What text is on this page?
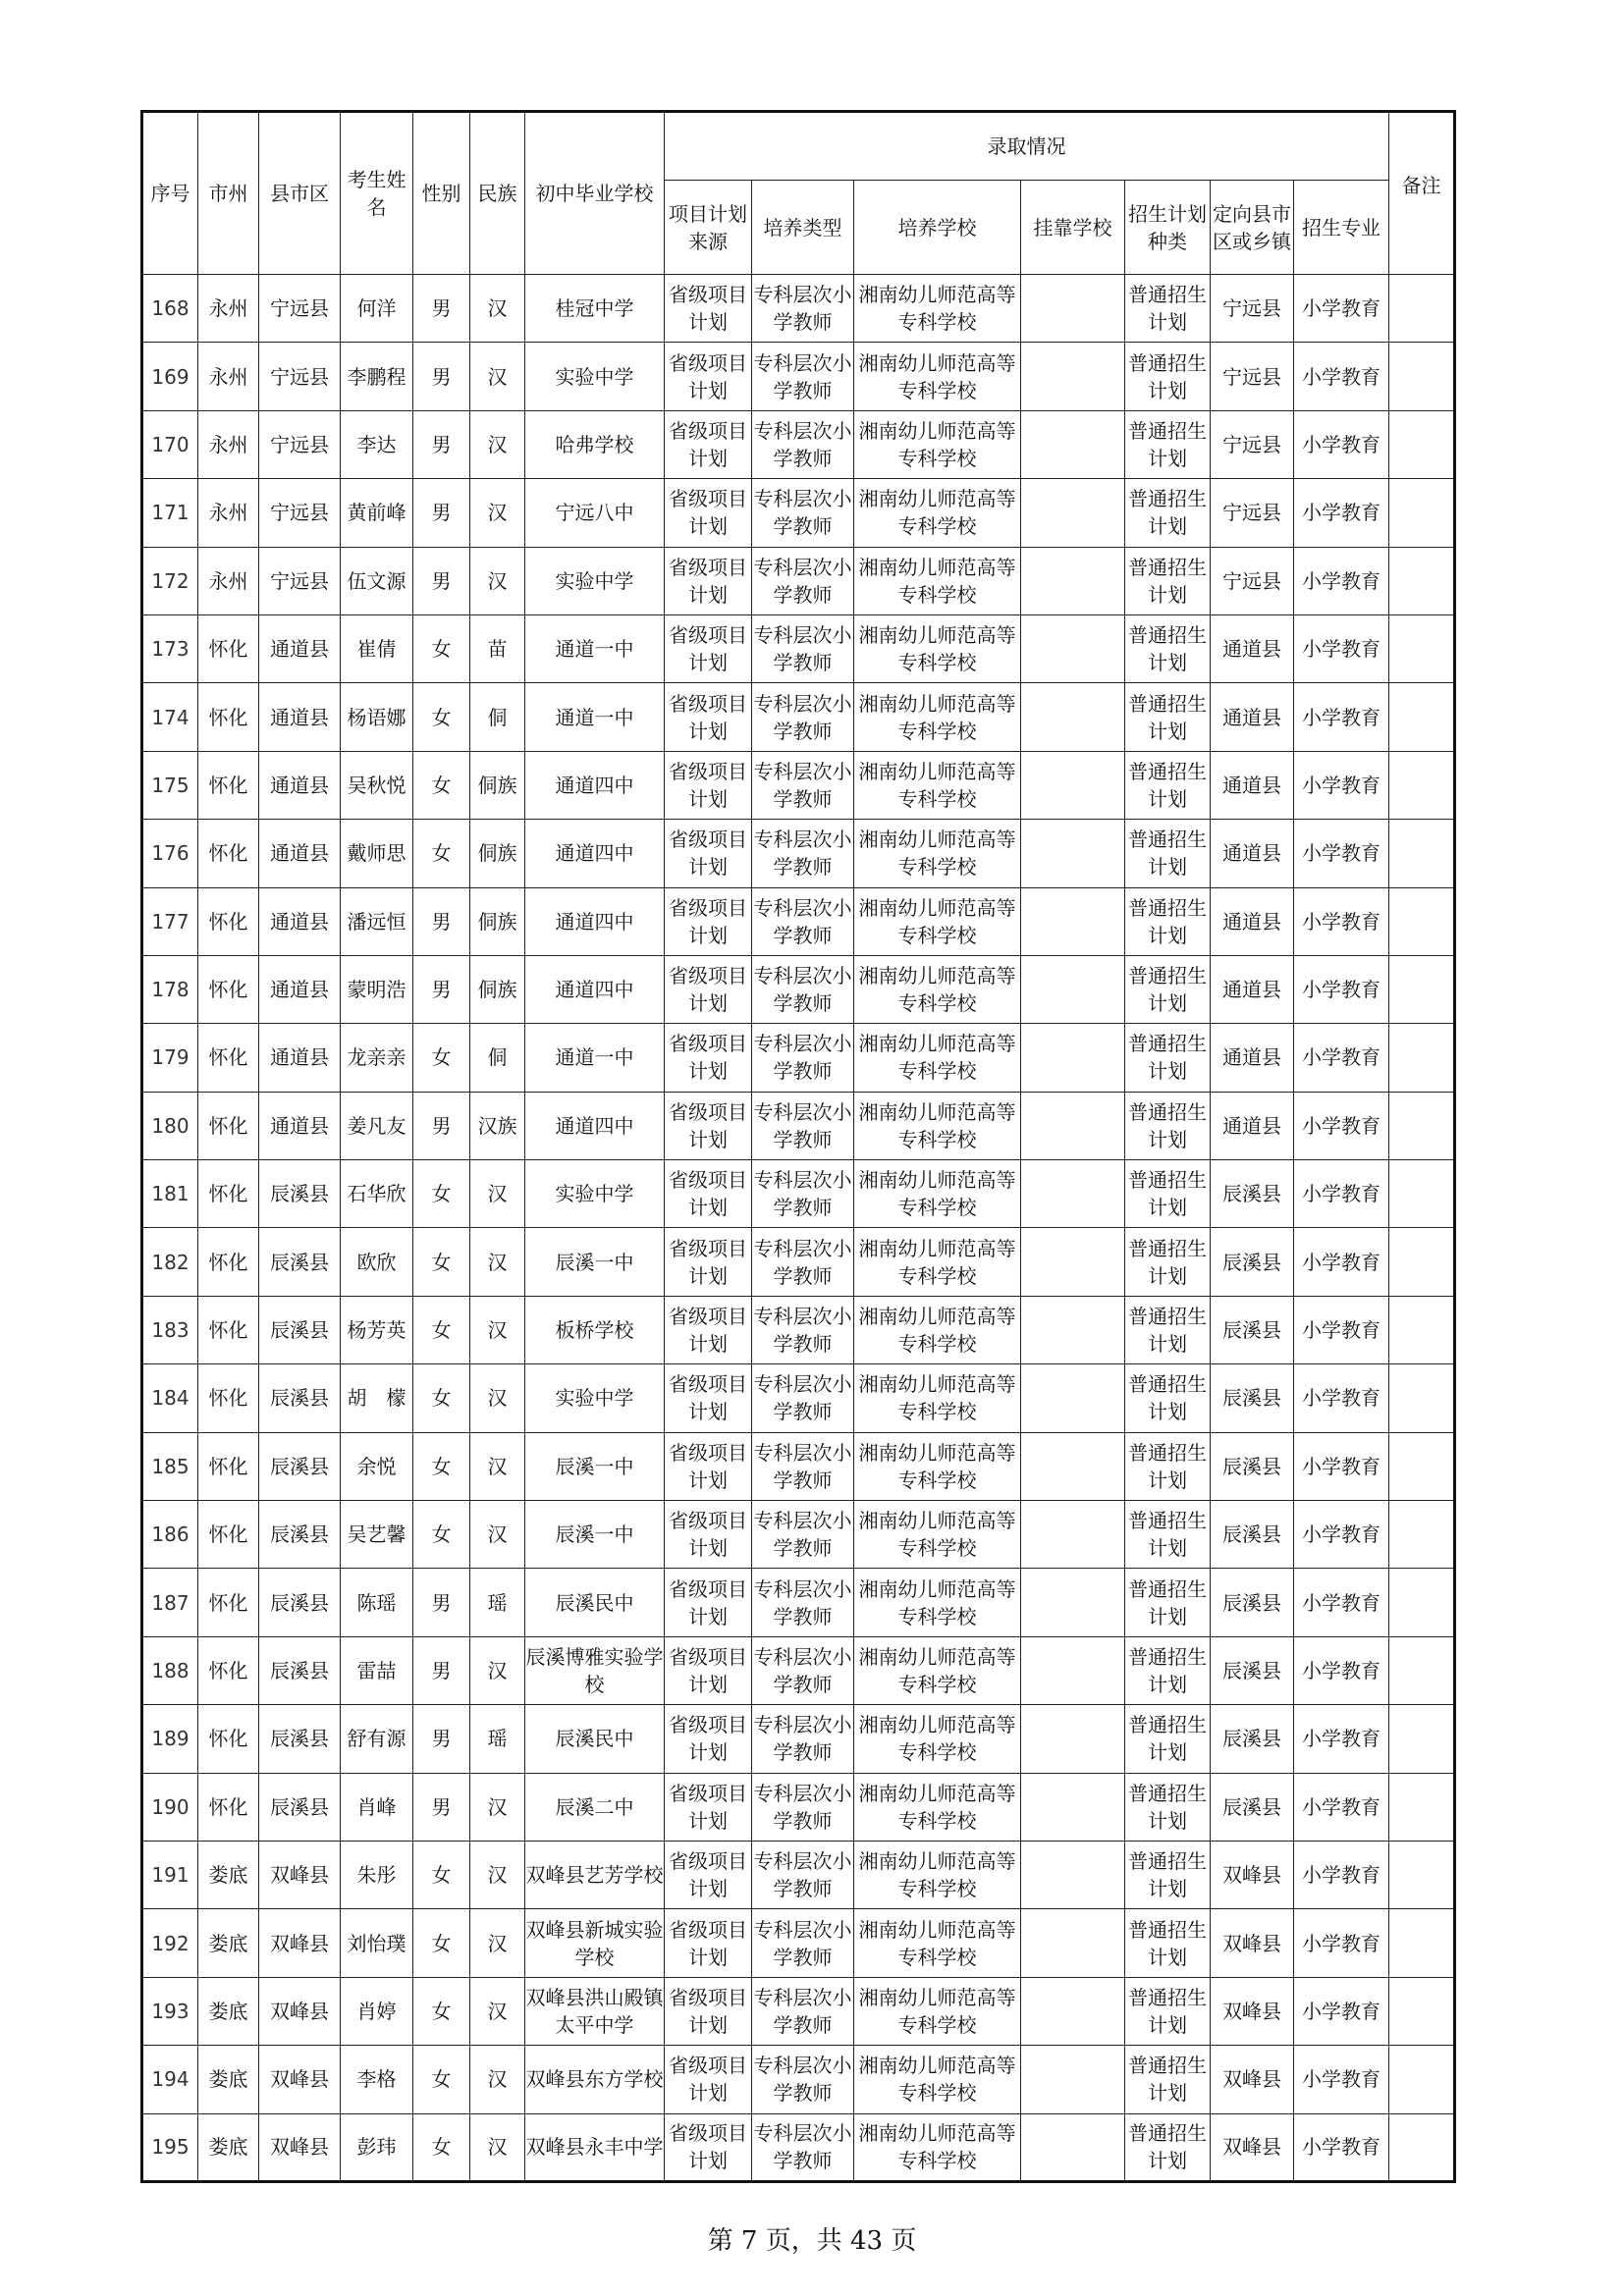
序号	市州	县市区	考生姓名	性别	民族	初中毕业学校	录取情况							备注
							项目计划来源	培养类型	培养学校	挂靠学校	招生计划种类	定向县市区或乡镇	招生专业	
168	永州	宁远县	何洋	男	汉	桂冠中学	省级项目计划	专科层次小学教师	湘南幼儿师范高等专科学校		普通招生计划	宁远县	小学教育	
169	永州	宁远县	李鹏程	男	汉	实验中学	省级项目计划	专科层次小学教师	湘南幼儿师范高等专科学校		普通招生计划	宁远县	小学教育	
170	永州	宁远县	李达	男	汉	哈弗学校	省级项目计划	专科层次小学教师	湘南幼儿师范高等专科学校		普通招生计划	宁远县	小学教育	
171	永州	宁远县	黄前峰	男	汉	宁远八中	省级项目计划	专科层次小学教师	湘南幼儿师范高等专科学校		普通招生计划	宁远县	小学教育	
172	永州	宁远县	伍文源	男	汉	实验中学	省级项目计划	专科层次小学教师	湘南幼儿师范高等专科学校		普通招生计划	宁远县	小学教育	
173	怀化	通道县	崔倩	女	苗	通道一中	省级项目计划	专科层次小学教师	湘南幼儿师范高等专科学校		普通招生计划	通道县	小学教育	
174	怀化	通道县	杨语娜	女	侗	通道一中	省级项目计划	专科层次小学教师	湘南幼儿师范高等专科学校		普通招生计划	通道县	小学教育	
175	怀化	通道县	吴秋悦	女	侗族	通道四中	省级项目计划	专科层次小学教师	湘南幼儿师范高等专科学校		普通招生计划	通道县	小学教育	
176	怀化	通道县	戴师思	女	侗族	通道四中	省级项目计划	专科层次小学教师	湘南幼儿师范高等专科学校		普通招生计划	通道县	小学教育	
177	怀化	通道县	潘远恒	男	侗族	通道四中	省级项目计划	专科层次小学教师	湘南幼儿师范高等专科学校		普通招生计划	通道县	小学教育	
178	怀化	通道县	蒙明浩	男	侗族	通道四中	省级项目计划	专科层次小学教师	湘南幼儿师范高等专科学校		普通招生计划	通道县	小学教育	
179	怀化	通道县	龙亲亲	女	侗	通道一中	省级项目计划	专科层次小学教师	湘南幼儿师范高等专科学校		普通招生计划	通道县	小学教育	
180	怀化	通道县	姜凡友	男	汉族	通道四中	省级项目计划	专科层次小学教师	湘南幼儿师范高等专科学校		普通招生计划	通道县	小学教育	
181	怀化	辰溪县	石华欣	女	汉	实验中学	省级项目计划	专科层次小学教师	湘南幼儿师范高等专科学校		普通招生计划	辰溪县	小学教育	
182	怀化	辰溪县	欧欣	女	汉	辰溪一中	省级项目计划	专科层次小学教师	湘南幼儿师范高等专科学校		普通招生计划	辰溪县	小学教育	
183	怀化	辰溪县	杨芳英	女	汉	板桥学校	省级项目计划	专科层次小学教师	湘南幼儿师范高等专科学校		普通招生计划	辰溪县	小学教育	
184	怀化	辰溪县	胡　檬	女	汉	实验中学	省级项目计划	专科层次小学教师	湘南幼儿师范高等专科学校		普通招生计划	辰溪县	小学教育	
185	怀化	辰溪县	余悦	女	汉	辰溪一中	省级项目计划	专科层次小学教师	湘南幼儿师范高等专科学校		普通招生计划	辰溪县	小学教育	
186	怀化	辰溪县	吴艺馨	女	汉	辰溪一中	省级项目计划	专科层次小学教师	湘南幼儿师范高等专科学校		普通招生计划	辰溪县	小学教育	
187	怀化	辰溪县	陈瑶	男	瑶	辰溪民中	省级项目计划	专科层次小学教师	湘南幼儿师范高等专科学校		普通招生计划	辰溪县	小学教育	
188	怀化	辰溪县	雷喆	男	汉	辰溪博雅实验学校	省级项目计划	专科层次小学教师	湘南幼儿师范高等专科学校		普通招生计划	辰溪县	小学教育	
189	怀化	辰溪县	舒有源	男	瑶	辰溪民中	省级项目计划	专科层次小学教师	湘南幼儿师范高等专科学校		普通招生计划	辰溪县	小学教育	
190	怀化	辰溪县	肖峰	男	汉	辰溪二中	省级项目计划	专科层次小学教师	湘南幼儿师范高等专科学校		普通招生计划	辰溪县	小学教育	
191	娄底	双峰县	朱彤	女	汉	双峰县艺芳学校	省级项目计划	专科层次小学教师	湘南幼儿师范高等专科学校		普通招生计划	双峰县	小学教育	
192	娄底	双峰县	刘怡璞	女	汉	双峰县新城实验学校	省级项目计划	专科层次小学教师	湘南幼儿师范高等专科学校		普通招生计划	双峰县	小学教育	
193	娄底	双峰县	肖婷	女	汉	双峰县洪山殿镇太平中学	省级项目计划	专科层次小学教师	湘南幼儿师范高等专科学校		普通招生计划	双峰县	小学教育	
194	娄底	双峰县	李格	女	汉	双峰县东方学校	省级项目计划	专科层次小学教师	湘南幼儿师范高等专科学校		普通招生计划	双峰县	小学教育	
195	娄底	双峰县	彭玮	女	汉	双峰县永丰中学	省级项目计划	专科层次小学教师	湘南幼儿师范高等专科学校		普通招生计划	双峰县	小学教育	
第 7 页，共 43 页
